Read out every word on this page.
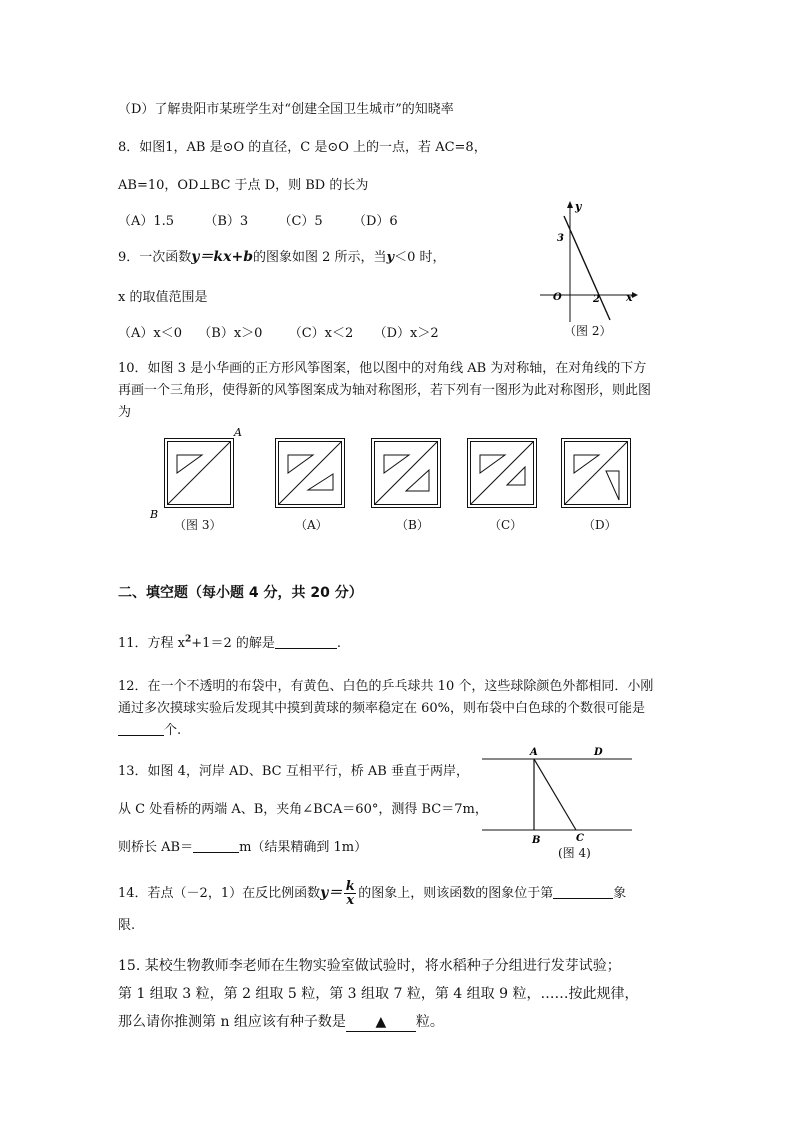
（D）了解贵阳市某班学生对“创建全国卫生城市”的知晓率
8．如图1，AB 是⊙O 的直径，C 是⊙O 上的一点，若 AC=8，
AB=10，OD⊥BC 于点 D，则 BD 的长为
（A）1.5 （B）3 （C）5 （D）6
9．一次函数y＝kx+b的图象如图 2 所示，当y＜0 时，
x 的取值范围是
（A）x＜0 （B）x＞0 （C）x＜2 （D）x＞2
y
x
O	2
3
（图 2）
10．如图 3 是小华画的正方形风筝图案，他以图中的对角线 AB 为对称轴，在对角线的下方再画一个三角形，使得新的风筝图案成为轴对称图形，若下列有一图形为此对称图形，则此图为
A
B
（图 3）	（A）	（B）	（C）	（D）
二、填空题（每小题 4 分，共 20 分）
11．方程 $x^2+1=2$ 的解是	.
12．在一个不透明的布袋中，有黄色、白色的乒乓球共 10 个，这些球除颜色外都相同．小刚通过多次摸球实验后发现其中摸到黄球的频率稳定在 60%，则布袋中白色球的个数很可能是个.
13．如图 4，河岸 AD、BC 互相平行，桥 AB 垂直于两岸，
从 C 处看桥的两端 A、B，夹角∠BCA＝60°，测得 BC＝7m，
则桥长 AB＝	m（结果精确到 1m）
A	D
B	C
(图 4)
14．若点（－2，1）在反比例函数$y= \frac{k}{x}$ 的图象上，则该函数的图象位于第	象
限.
15. 某校生物教师李老师在生物实验室做试验时，将水稻种子分组进行发芽试验；
第 1 组取 3 粒，第 2 组取 5 粒，第 3 组取 7 粒，第 4 组取 9 粒，……按此规律，
那么请你推测第 n 组应该有种子数是 ▲ 粒。
